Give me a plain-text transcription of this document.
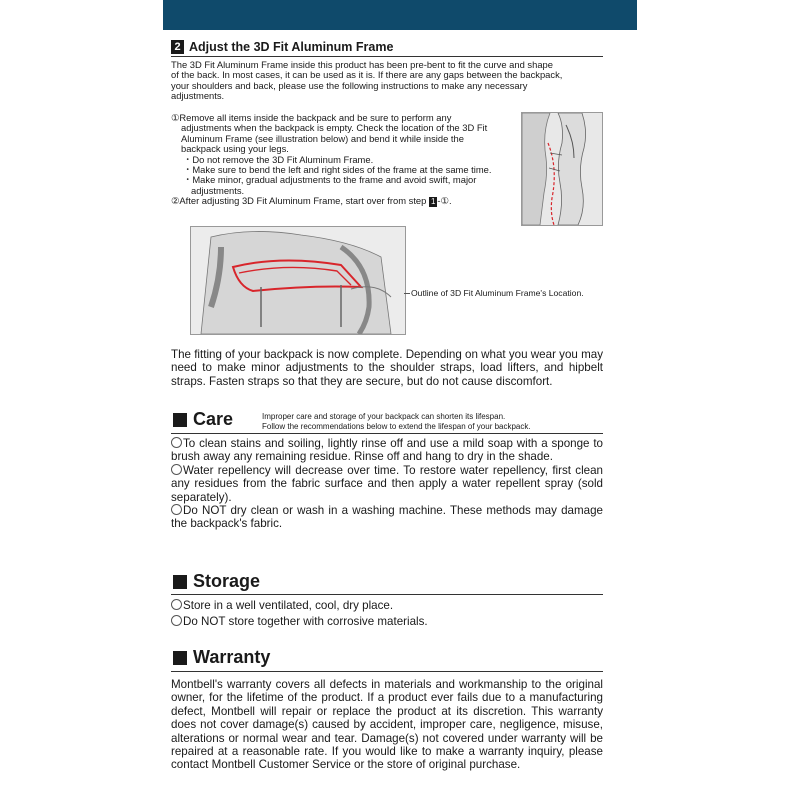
2 Adjust the 3D Fit Aluminum Frame
The 3D Fit Aluminum Frame inside this product has been pre-bent to fit the curve and shape
of the back. In most cases, it can be used as it is. If there are any gaps between the backpack,
your shoulders and back, please use the following instructions to make any necessary
adjustments.

①Remove all items inside the backpack and be sure to perform any

adjustments when the backpack is empty. Check the location of the 3D Fit

Aluminum Frame (see illustration below) and bend it while inside the

backpack using your legs.

・Do not remove the 3D Fit Aluminum Frame.

・Make sure to bend the left and right sides of the frame at the same time.

・Make minor, gradual adjustments to the frame and avoid swift, major

adjustments.

②After adjusting 3D Fit Aluminum Frame, start over from step 1 -①.

Outline of 3D Fit Aluminum Frame's Location.
The fitting of your backpack is now complete. Depending on what you wear you may need to make minor adjustments to the shoulder straps, load lifters, and hipbelt straps. Fasten straps so that they are secure, but do not cause discomfort.
Care	Improper care and storage of your backpack can shorten its lifespan.
Follow the recommendations below to extend the lifespan of your backpack.

To clean stains and soiling, lightly rinse off and use a mild soap with a sponge to brush away any remaining residue. Rinse off and hang to dry in the shade.

Water repellency will decrease over time. To restore water repellency, first clean any residues from the fabric surface and then apply a water repellent spray (sold separately).

Do NOT dry clean or wash in a washing machine. These methods may damage the backpack's fabric.

Storage

Store in a well ventilated, cool, dry place.

Do NOT store together with corrosive materials.

Warranty
Montbell's warranty covers all defects in materials and workmanship to the original owner, for the lifetime of the product. If a product ever fails due to a manufacturing defect, Montbell will repair or replace the product at its discretion. This warranty does not cover damage(s) caused by accident, improper care, negligence, misuse, alterations or normal wear and tear. Damage(s) not covered under warranty will be repaired at a reasonable rate. If you would like to make a warranty inquiry, please contact Montbell Customer Service or the store of original purchase.
